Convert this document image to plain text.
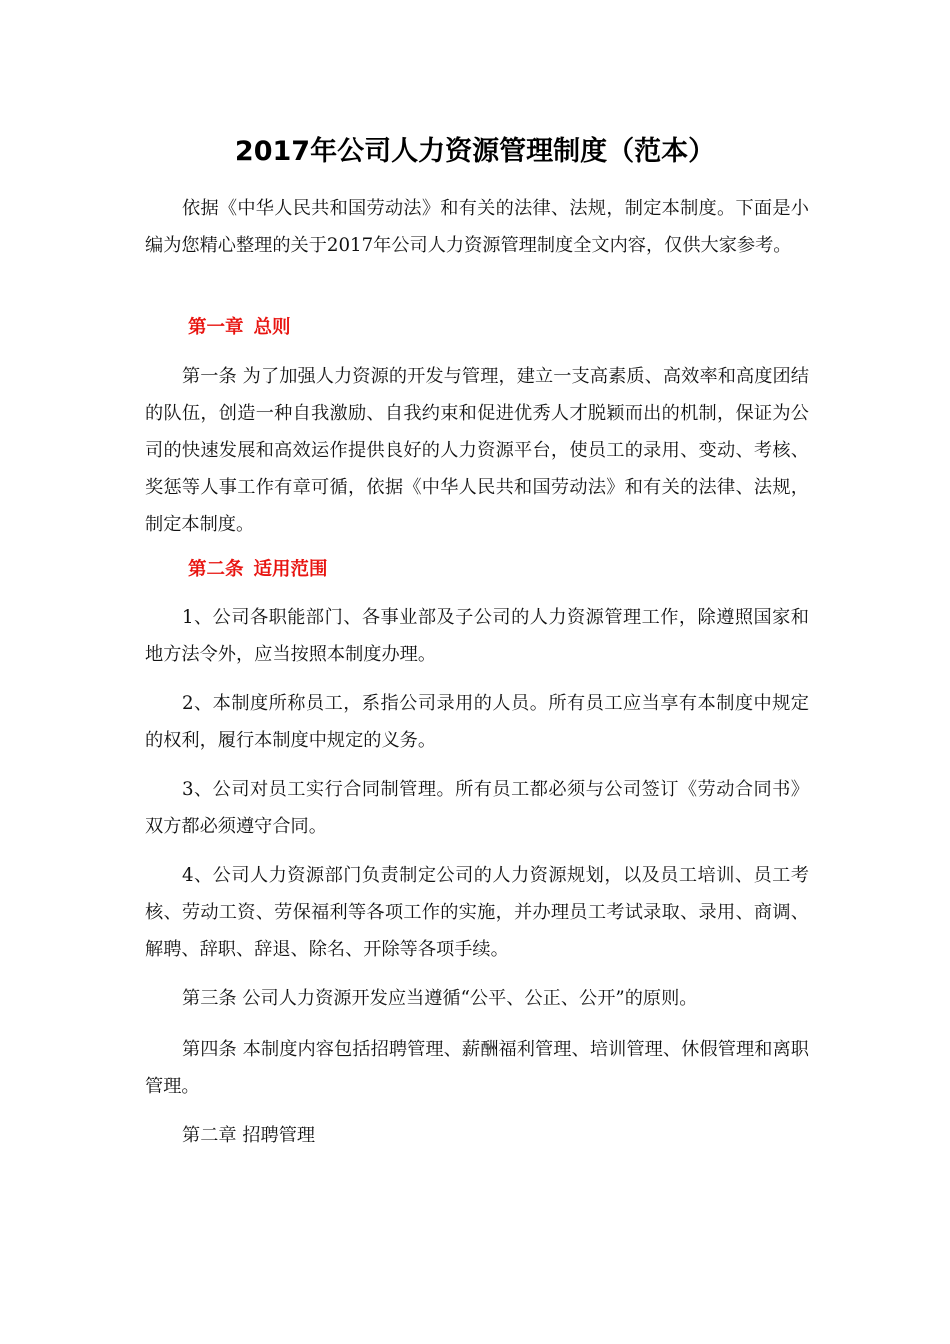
2017年公司人力资源管理制度（范本）

依据《中华人民共和国劳动法》和有关的法律、法规，制定本制度。下面是小编为您精心整理的关于2017年公司人力资源管理制度全文内容，仅供大家参考。

第一章 总则

第一条 为了加强人力资源的开发与管理，建立一支高素质、高效率和高度团结的队伍，创造一种自我激励、自我约束和促进优秀人才脱颖而出的机制，保证为公司的快速发展和高效运作提供良好的人力资源平台，使员工的录用、变动、考核、奖惩等人事工作有章可循，依据《中华人民共和国劳动法》和有关的法律、法规，制定本制度。

第二条 适用范围

1、公司各职能部门、各事业部及子公司的人力资源管理工作，除遵照国家和地方法令外，应当按照本制度办理。

2、本制度所称员工，系指公司录用的人员。所有员工应当享有本制度中规定的权利，履行本制度中规定的义务。

3、公司对员工实行合同制管理。所有员工都必须与公司签订《劳动合同书》双方都必须遵守合同。

4、公司人力资源部门负责制定公司的人力资源规划，以及员工培训、员工考核、劳动工资、劳保福利等各项工作的实施，并办理员工考试录取、录用、商调、解聘、辞职、辞退、除名、开除等各项手续。

第三条 公司人力资源开发应当遵循“公平、公正、公开”的原则。

第四条 本制度内容包括招聘管理、薪酬福利管理、培训管理、休假管理和离职管理。

第二章 招聘管理
